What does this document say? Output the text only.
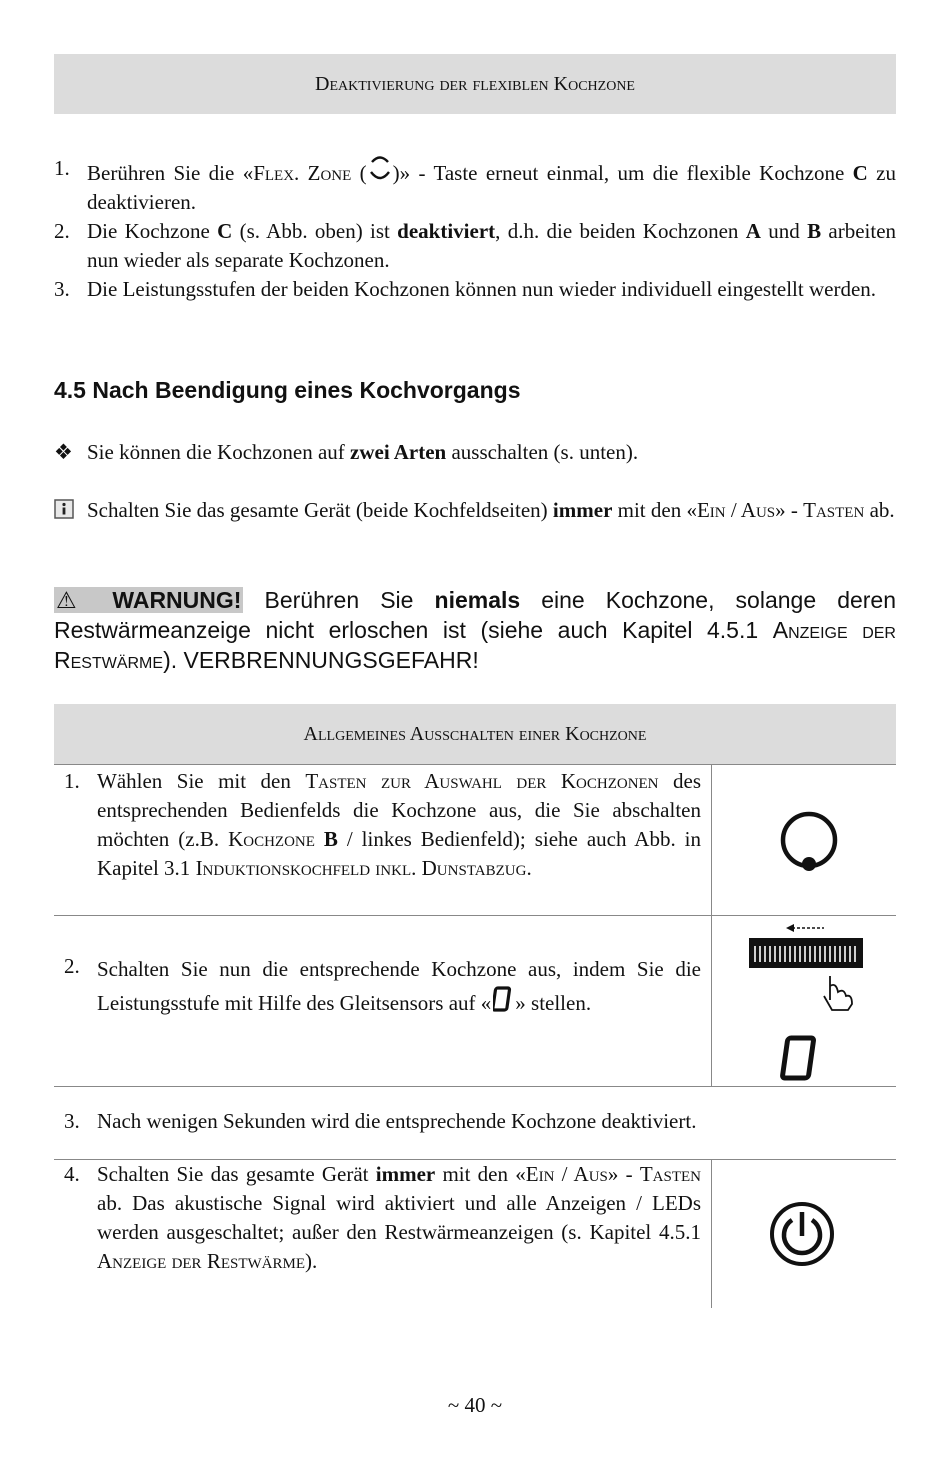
Deaktivierung der flexiblen Kochzone
1. Berühren Sie die «Flex. Zone ( )» - Taste erneut einmal, um die flexible Kochzone C zu deaktivieren.
2. Die Kochzone C (s. Abb. oben) ist deaktiviert, d.h. die beiden Kochzonen A und B arbeiten nun wieder als separate Kochzonen.
3. Die Leistungsstufen der beiden Kochzonen können nun wieder individuell eingestellt werden.
4.5 Nach Beendigung eines Kochvorgangs
❖ Sie können die Kochzonen auf zwei Arten ausschalten (s. unten).
Schalten Sie das gesamte Gerät (beide Kochfeldseiten) immer mit den «Ein / Aus» - Tasten ab.
⚠ WARNUNG! Berühren Sie niemals eine Kochzone, solange deren Restwärmeanzeige nicht erloschen ist (siehe auch Kapitel 4.5.1 Anzeige der Restwärme). VERBRENNUNGSGEFAHR!
Allgemeines Ausschalten einer Kochzone
1. Wählen Sie mit den Tasten zur Auswahl der Kochzonen des entsprechenden Bedienfelds die Kochzone aus, die Sie abschalten möchten (z.B. Kochzone B / linkes Bedienfeld); siehe auch Abb. in Kapitel 3.1 Induktionskochfeld inkl. Dunstabzug.
2. Schalten Sie nun die entsprechende Kochzone aus, indem Sie die Leistungsstufe mit Hilfe des Gleitsensors auf « » stellen.
3. Nach wenigen Sekunden wird die entsprechende Kochzone deaktiviert.
4. Schalten Sie das gesamte Gerät immer mit den «Ein / Aus» - Tasten ab. Das akustische Signal wird aktiviert und alle Anzeigen / LEDs werden ausgeschaltet; außer den Restwärmeanzeigen (s. Kapitel 4.5.1 Anzeige der Restwärme).
~ 40 ~
